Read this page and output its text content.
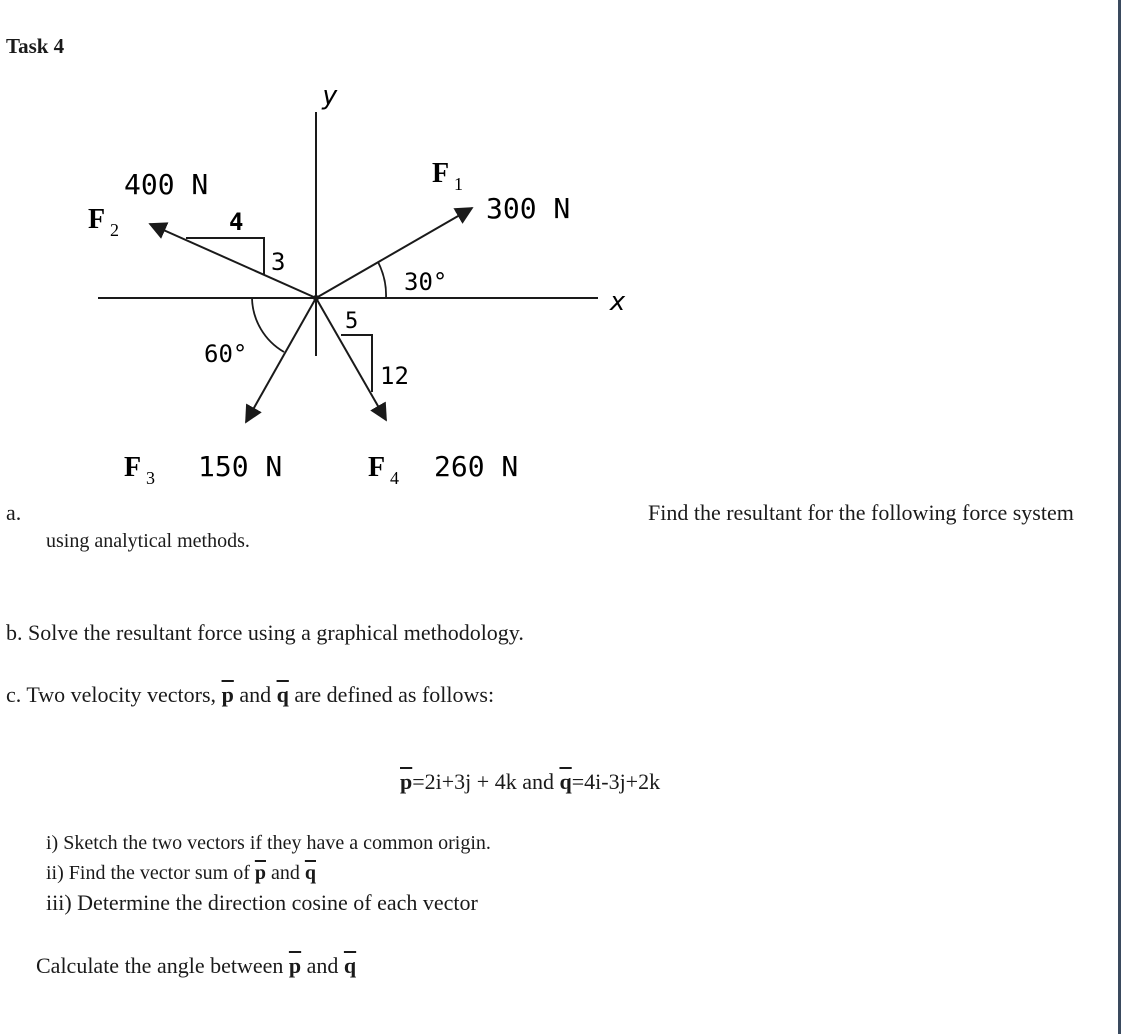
Task 4
y
x
F 1
300 N
30°
F 2
400 N
4
3
F 3 150 N
60°
F 4 260 N
5
12
a.	Find the resultant for the following force system
using analytical methods.
b. Solve the resultant force using a graphical methodology.
c. Two velocity vectors, $\overline{p}$ and $\overline{q}$ are defined as follows:
$\overline{p}=2i+3j + 4k$ and $\overline{q}=4i-3j+2k$
i) Sketch the two vectors if they have a common origin.
ii) Find the vector sum of $\overline{p}$ and $\overline{q}$
iii) Determine the direction cosine of each vector
Calculate the angle between $\overline{p}$ and $\overline{q}$
